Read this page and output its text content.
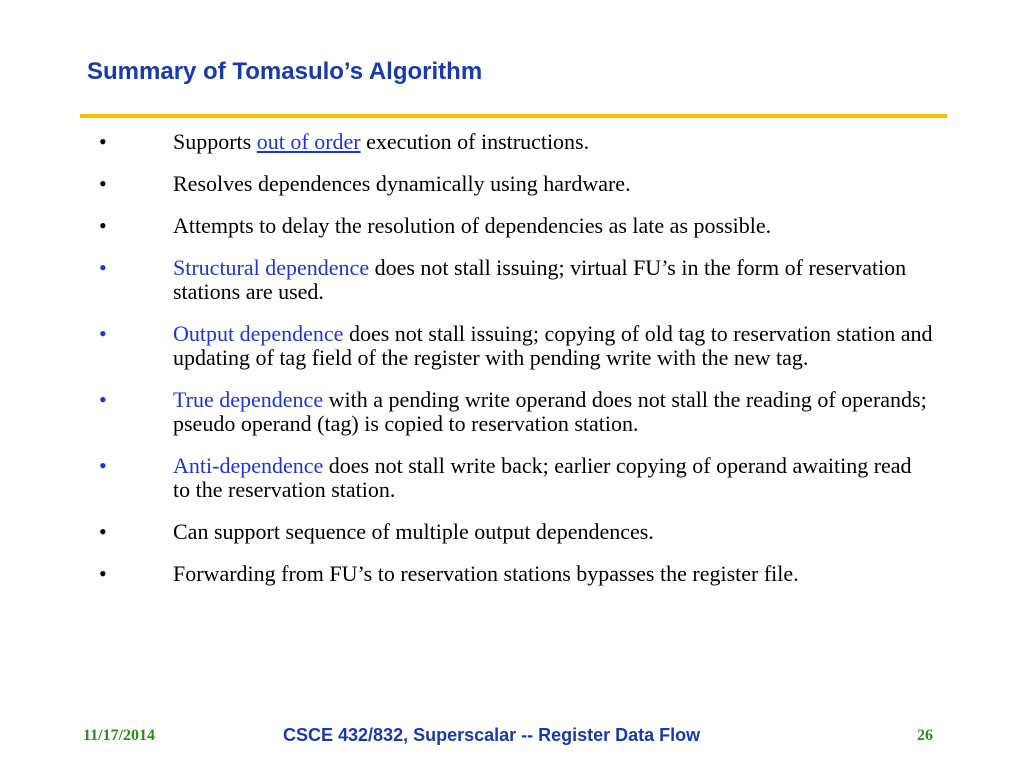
Summary of Tomasulo’s Algorithm
•	Supports out of order execution of instructions.
•	Resolves dependences dynamically using hardware.
•	Attempts to delay the resolution of dependencies as late as possible.
•	Structural dependence does not stall issuing; virtual FU’s in the form of reservation stations are used.
•	Output dependence does not stall issuing; copying of old tag to reservation station and updating of tag field of the register with pending write with the new tag.
•	True dependence with a pending write operand does not stall the reading of operands; pseudo operand (tag) is copied to reservation station.
•	Anti-dependence does not stall write back; earlier copying of operand awaiting read to the reservation station.
•	Can support sequence of multiple output dependences.
•	Forwarding from FU’s to reservation stations bypasses the register file.
11/17/2014	CSCE 432/832, Superscalar -- Register Data Flow	26
